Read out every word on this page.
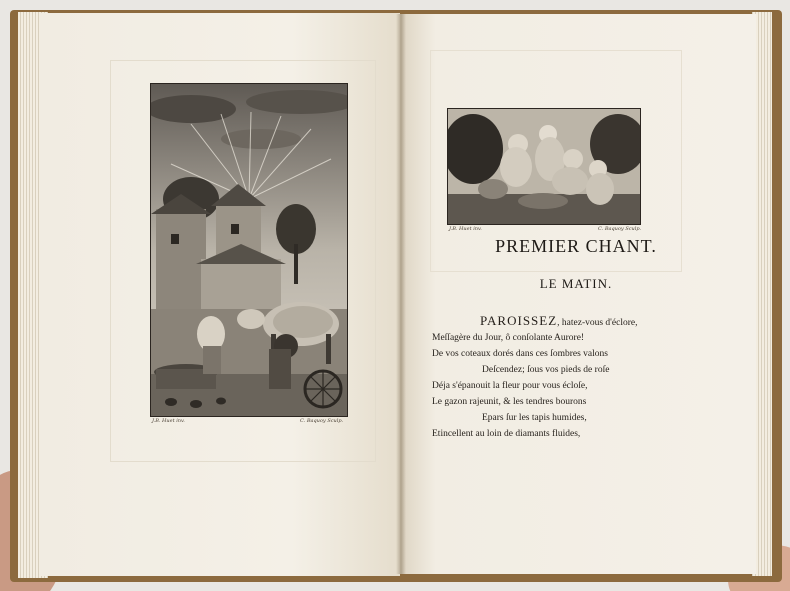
J.B. Huet inv.	C. Baquoy Sculp.
J.B. Huet inv.	C. Baquoy Sculp.
PREMIER CHANT.
LE MATIN.
PAROISSEZ, hatez-vous d'éclore,
Meſſagère du Jour, ô conſolante Aurore!
De vos coteaux dorés dans ces ſombres valons
Deſcendez; ſous vos pieds de roſe
Déja s'épanouit la fleur pour vous écloſe,
Le gazon rajeunit, & les tendres bourons
Epars ſur les tapis humides,
Etincellent au loin de diamants fluides,
